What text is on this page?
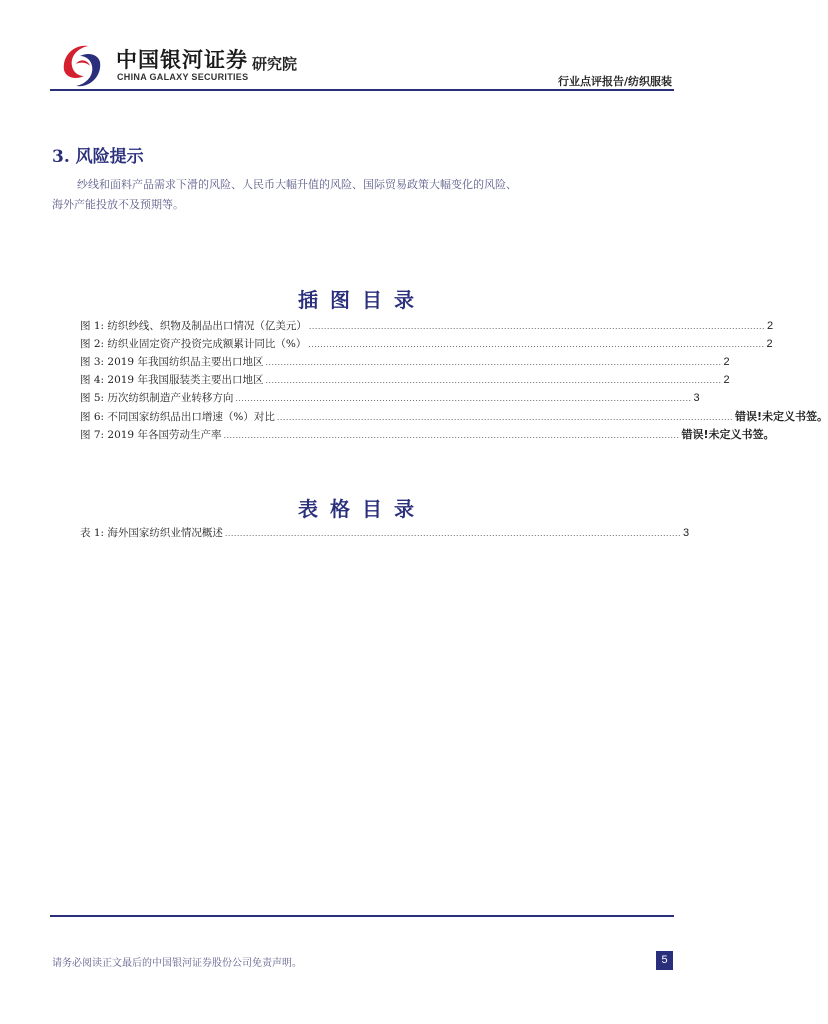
中国银河证券
CHINA GALAXY SECURITIES
研究院
行业点评报告/纺织服装
3. 风险提示
纱线和面料产品需求下滑的风险、人民币大幅升值的风险、国际贸易政策大幅变化的风险、
海外产能投放不及预期等。
插图目录
图 1: 纺织纱线、织物及制品出口情况（亿美元） ........................................................................................................................................................ 2
图 2: 纺织业固定资产投资完成额累计同比（%） ........................................................................................................................................................ 2
图 3: 2019 年我国纺织品主要出口地区 ........................................................................................................................................................ 2
图 4: 2019 年我国服装类主要出口地区 ........................................................................................................................................................ 2
图 5: 历次纺织制造产业转移方向 ........................................................................................................................................................ 3
图 6: 不同国家纺织品出口增速（%）对比 ........................................................................................................................................................ 错误!未定义书签。
图 7: 2019 年各国劳动生产率 ........................................................................................................................................................ 错误!未定义书签。
表格目录
表 1: 海外国家纺织业情况概述 ........................................................................................................................................................ 3
请务必阅读正文最后的中国银河证券股份公司免责声明。	5
